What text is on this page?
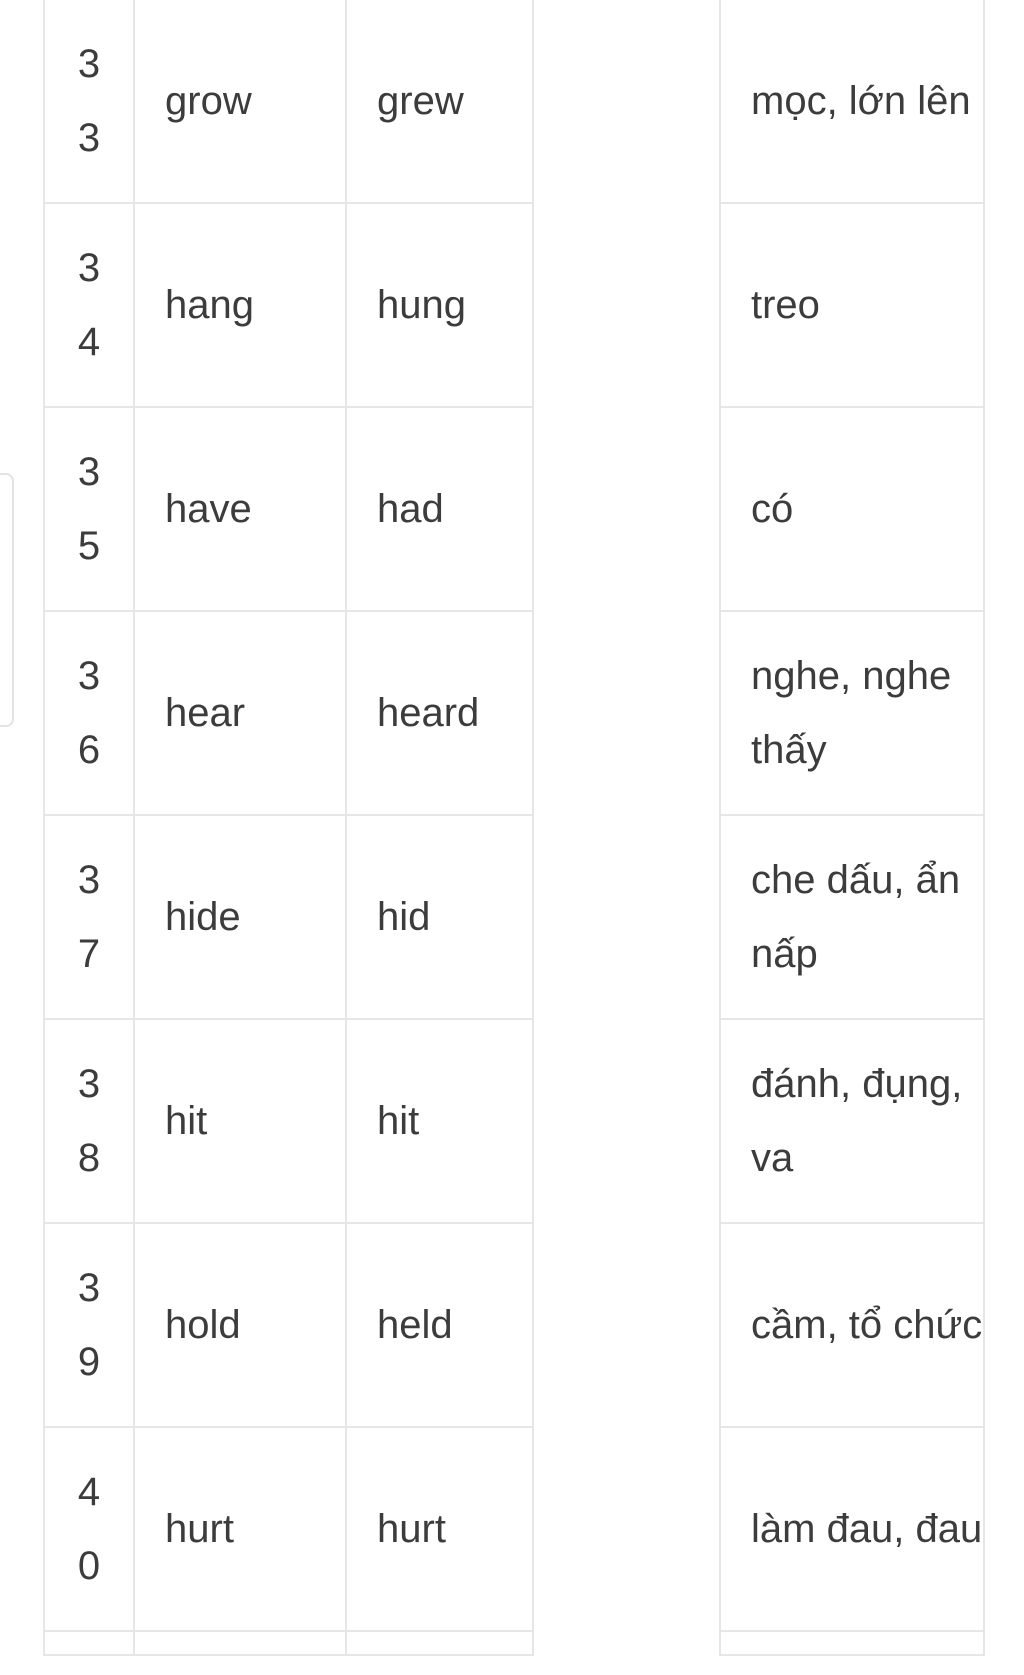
33	grow	grew		mọc, lớn lên
34	hang	hung		treo
35	have	had		có
36	hear	heard		nghe, nghe thấy
37	hide	hid		che dấu, ẩn nấp
38	hit	hit		đánh, đụng, va
39	hold	held		cầm, tổ chức
40	hurt	hurt		làm đau, đau
